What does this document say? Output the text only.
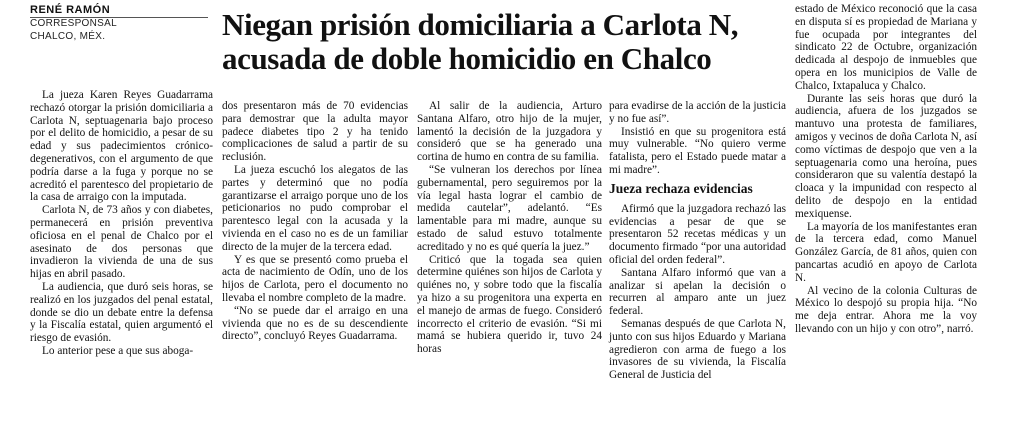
RENÉ RAMÓN

CORRESPONSAL

CHALCO, MÉX.	Niegan prisión domiciliaria a Carlota N,
acusada de doble homicidio en Chalco

La jueza Karen Reyes Guadarrama rechazó otorgar la prisión domiciliaria a Carlota N, septuagenaria bajo proceso por el delito de homicidio, a pesar de su edad y sus padecimientos crónico-degenerativos, con el argumento de que podría darse a la fuga y porque no se acreditó el parentesco del propietario de la casa de arraigo con la imputada.

Carlota N, de 73 años y con diabetes, permanecerá en prisión preventiva oficiosa en el penal de Chalco por el asesinato de dos personas que invadieron la vivienda de una de sus hijas en abril pasado.

La audiencia, que duró seis horas, se realizó en los juzgados del penal estatal, donde se dio un debate entre la defensa y la Fiscalía estatal, quien argumentó el riesgo de evasión.

Lo anterior pese a que sus aboga-

dos presentaron más de 70 evidencias para demostrar que la adulta mayor padece diabetes tipo 2 y ha tenido complicaciones de salud a partir de su reclusión.

La jueza escuchó los alegatos de las partes y determinó que no podía garantizarse el arraigo porque uno de los peticionarios no pudo comprobar el parentesco legal con la acusada y la vivienda en el caso no es de un familiar directo de la mujer de la tercera edad.

Y es que se presentó como prueba el acta de nacimiento de Odín, uno de los hijos de Carlota, pero el documento no llevaba el nombre completo de la madre.

“No se puede dar el arraigo en una vivienda que no es de su descendiente directo”, concluyó Reyes Guadarrama.

Al salir de la audiencia, Arturo Santana Alfaro, otro hijo de la mujer, lamentó la decisión de la juzgadora y consideró que se ha generado una cortina de humo en contra de su familia.

“Se vulneran los derechos por línea gubernamental, pero seguiremos por la vía legal hasta lograr el cambio de medida cautelar”, adelantó. “Es lamentable para mi madre, aunque su estado de salud estuvo totalmente acreditado y no es qué quería la juez.”

Criticó que la togada sea quien determine quiénes son hijos de Carlota y quiénes no, y sobre todo que la fiscalía ya hizo a su progenitora una experta en el manejo de armas de fuego. Consideró incorrecto el criterio de evasión. “Si mi mamá se hubiera querido ir, tuvo 24 horas

para evadirse de la acción de la justicia y no fue así”.

Insistió en que su progenitora está muy vulnerable. “No quiero verme fatalista, pero el Estado puede matar a mi madre”.

Jueza rechaza evidencias

Afirmó que la juzgadora rechazó las evidencias a pesar de que se presentaron 52 recetas médicas y un documento firmado “por una autoridad oficial del orden federal”.

Santana Alfaro informó que van a analizar si apelan la decisión o recurren al amparo ante un juez federal.

Semanas después de que Carlota N, junto con sus hijos Eduardo y Mariana agredieron con arma de fuego a los invasores de su vivienda, la Fiscalía General de Justicia del

estado de México reconoció que la casa en disputa sí es propiedad de Mariana y fue ocupada por integrantes del sindicato 22 de Octubre, organización dedicada al despojo de inmuebles que opera en los municipios de Valle de Chalco, Ixtapaluca y Chalco.

Durante las seis horas que duró la audiencia, afuera de los juzgados se mantuvo una protesta de familiares, amigos y vecinos de doña Carlota N, así como víctimas de despojo que ven a la septuagenaria como una heroína, pues consideraron que su valentía destapó la cloaca y la impunidad con respecto al delito de despojo en la entidad mexiquense.

La mayoría de los manifestantes eran de la tercera edad, como Manuel González García, de 81 años, quien con pancartas acudió en apoyo de Carlota N.

Al vecino de la colonia Culturas de México lo despojó su propia hija. “No me deja entrar. Ahora me la voy llevando con un hijo y con otro”, narró.
